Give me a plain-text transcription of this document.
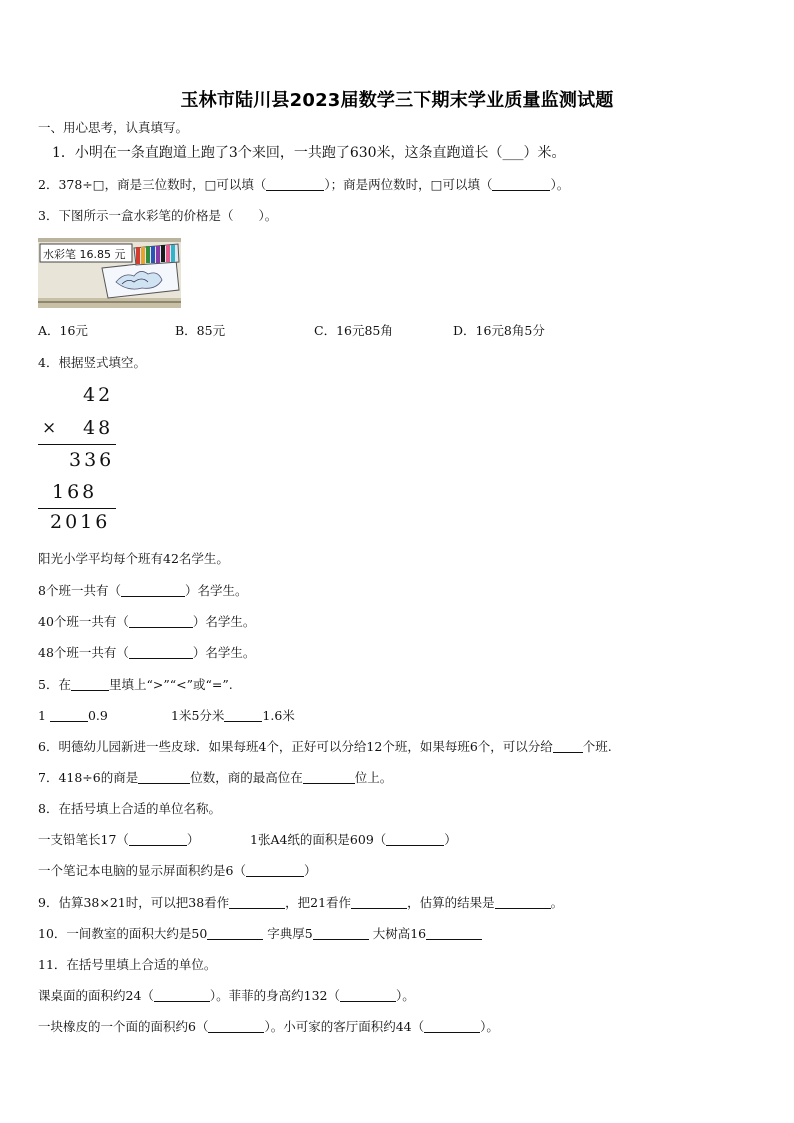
玉林市陆川县2023届数学三下期末学业质量监测试题
一、用心思考，认真填写。
1．小明在一条直跑道上跑了3个来回，一共跑了630米，这条直跑道长（___）米。
2．378÷□，商是三位数时，□可以填（	）；商是两位数时，□可以填（	）。
3．下图所示一盒水彩笔的价格是（　　）。
水彩笔 16.85 元
A．16元	B．85元	C．16元85角	D．16元8角5分
4．根据竖式填空。
42
× 48
336
168
2016
阳光小学平均每个班有42名学生。
8个班一共有（	）名学生。
40个班一共有（	）名学生。
48个班一共有（	）名学生。
5．在	里填上“>”“<”或“=”.
1	0.9	1米5分米	1.6米
6．明德幼儿园新进一些皮球．如果每班4个，正好可以分给12个班，如果每班6个，可以分给 个班.
7．418÷6的商是	位数，商的最高位在	位上。
8．在括号填上合适的单位名称。
一支铅笔长17（	）	1张A4纸的面积是609（	）
一个笔记本电脑的显示屏面积约是6（	）
9．估算38×21时，可以把38看作	，把21看作	，估算的结果是	。
10．一间教室的面积大约是50	字典厚5	大树高16
11．在括号里填上合适的单位。
课桌面的面积约24（	）。菲菲的身高约132（	）。
一块橡皮的一个面的面积约6（	）。小可家的客厅面积约44（	）。
